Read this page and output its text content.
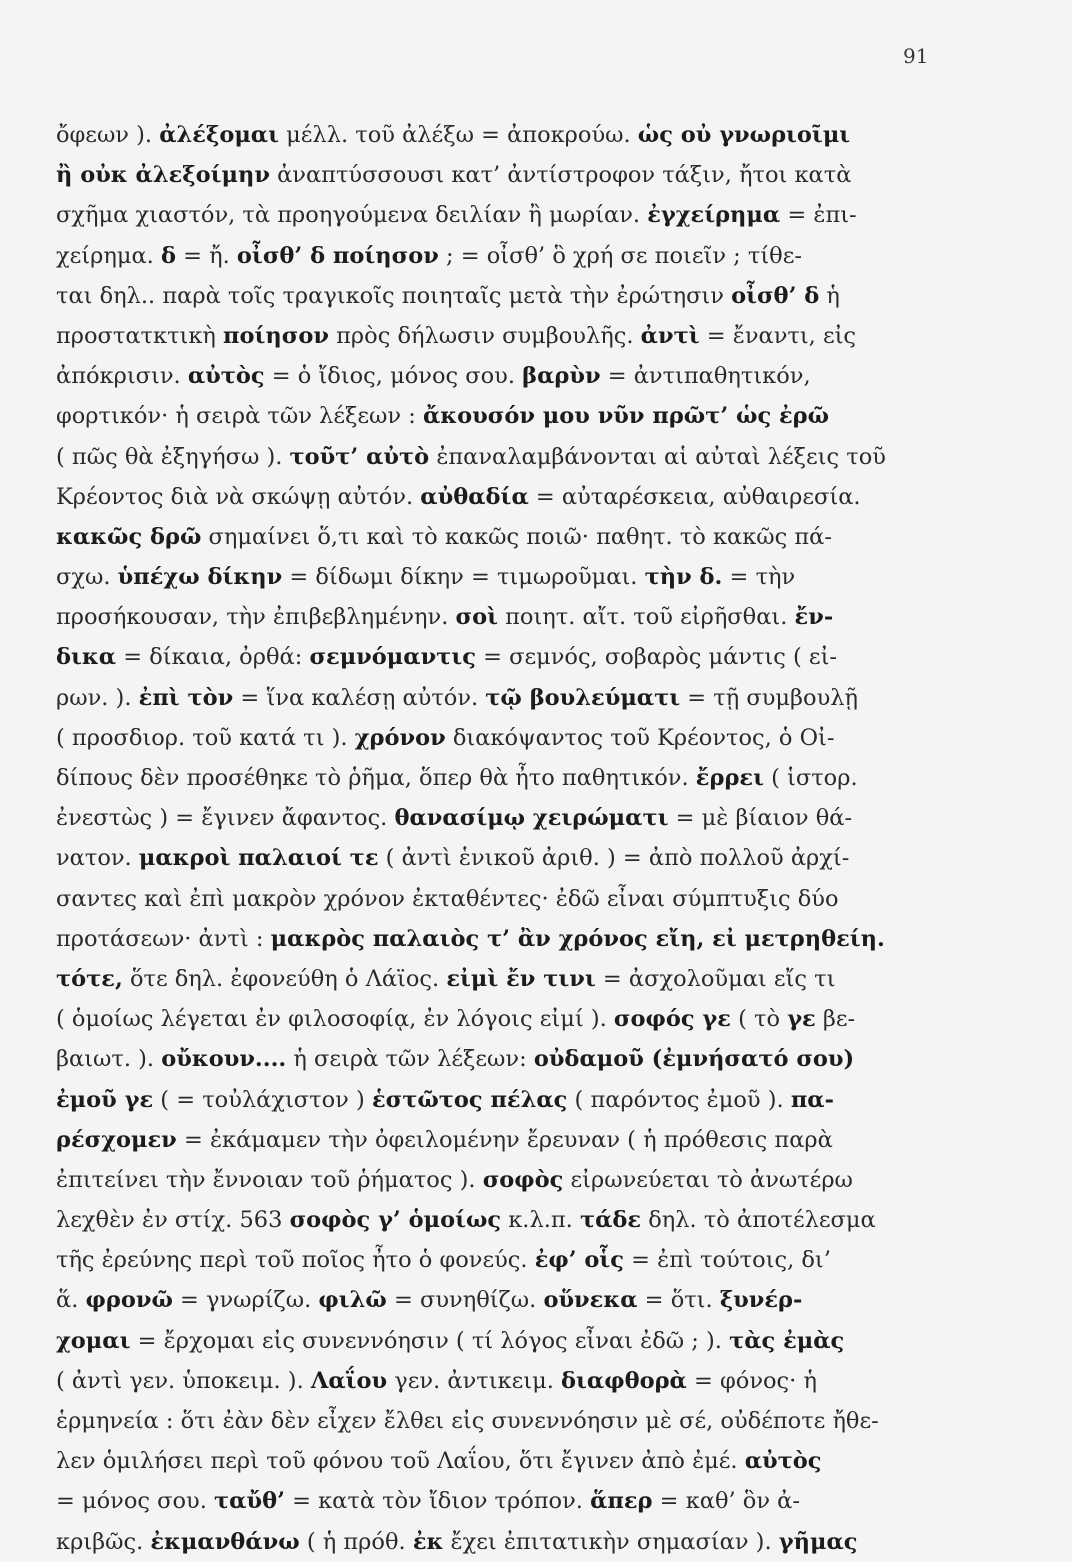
91
ὄφεων ). ἀλέξομαι μέλλ. τοῦ ἀλέξω = ἀποκρούω. ὡς οὐ γνωριοῖμι
ἢ οὐκ ἀλεξοίμην ἀναπτύσσουσι κατ’ ἀντίστροφον τάξιν, ἤτοι κατὰ
σχῆμα χιαστόν, τὰ προηγούμενα δειλίαν ἢ μωρίαν. ἐγχείρημα = ἐπι-
χείρημα. δ = ἤ. οἶσθ’ δ ποίησον ; = οἶσθ’ ὃ χρή σε ποιεῖν ; τίθε-
ται δηλ.. παρὰ τοῖς τραγικοῖς ποιηταῖς μετὰ τὴν ἐρώτησιν οἶσθ’ δ ἡ
προστατκτικὴ ποίησον πρὸς δήλωσιν συμβουλῆς. ἀντὶ = ἔναντι, εἰς
ἀπόκρισιν. αὐτὸς = ὁ ἴδιος, μόνος σου. βαρὺν = ἀντιπαθητικόν,
φορτικόν· ἡ σειρὰ τῶν λέξεων : ἄκουσόν μου νῦν πρῶτ’ ὡς ἐρῶ
( πῶς θὰ ἐξηγήσω ). τοῦτ’ αὐτὸ ἐπαναλαμβάνονται αἱ αὐταὶ λέξεις τοῦ
Κρέοντος διὰ νὰ σκώψῃ αὐτόν. αὐθαδία = αὐταρέσκεια, αὐθαιρεσία.
κακῶς δρῶ σημαίνει ὅ,τι καὶ τὸ κακῶς ποιῶ· παθητ. τὸ κακῶς πά-
σχω. ὑπέχω δίκην = δίδωμι δίκην = τιμωροῦμαι. τὴν δ. = τὴν
προσήκουσαν, τὴν ἐπιβεβλημένην. σοὶ ποιητ. αἴτ. τοῦ εἰρῆσθαι. ἔν-
δικα = δίκαια, ὀρθά: σεμνόμαντις = σεμνός, σοβαρὸς μάντις ( εἰ-
ρων. ). ἐπὶ τὸν = ἵνα καλέσῃ αὐτόν. τῷ βουλεύματι = τῇ συμβουλῇ
( προσδιορ. τοῦ κατά τι ). χρόνον διακόψαντος τοῦ Κρέοντος, ὁ Οἰ-
δίπους δὲν προσέθηκε τὸ ῥῆμα, ὅπερ θὰ ἦτο παθητικόν. ἔρρει ( ἱστορ.
ἐνεστὼς ) = ἔγινεν ἄφαντος. θανασίμῳ χειρώματι = μὲ βίαιον θά-
νατον. μακροὶ παλαιοί τε ( ἀντὶ ἑνικοῦ ἀριθ. ) = ἀπὸ πολλοῦ ἀρχί-
σαντες καὶ ἐπὶ μακρὸν χρόνον ἐκταθέντες· ἐδῶ εἶναι σύμπτυξις δύο
προτάσεων· ἀντὶ : μακρὸς παλαιὸς τ’ ἂν χρόνος εἴη, εἰ μετρηθείη.
τότε, ὅτε δηλ. ἐφονεύθη ὁ Λάϊος. εἰμὶ ἔν τινι = ἀσχολοῦμαι εἴς τι
( ὁμοίως λέγεται ἐν φιλοσοφίᾳ, ἐν λόγοις εἰμί ). σοφός γε ( τὸ γε βε-
βαιωτ. ). οὔκουν.... ἡ σειρὰ τῶν λέξεων: οὐδαμοῦ (ἐμνήσατό σου)
ἐμοῦ γε ( = τοὐλάχιστον ) ἑστῶτος πέλας ( παρόντος ἐμοῦ ). πα-
ρέσχομεν = ἐκάμαμεν τὴν ὀφειλομένην ἔρευναν ( ἡ πρόθεσις παρὰ
ἐπιτείνει τὴν ἔννοιαν τοῦ ῥήματος ). σοφὸς εἰρωνεύεται τὸ ἀνωτέρω
λεχθὲν ἐν στίχ. 563 σοφὸς γ’ ὁμοίως κ.λ.π. τάδε δηλ. τὸ ἀποτέλεσμα
τῆς ἐρεύνης περὶ τοῦ ποῖος ἦτο ὁ φονεύς. ἐφ’ οἷς = ἐπὶ τούτοις, δι’
ἅ. φρονῶ = γνωρίζω. φιλῶ = συνηθίζω. οὕνεκα = ὅτι. ξυνέρ-
χομαι = ἔρχομαι εἰς συνεννόησιν ( τί λόγος εἶναι ἐδῶ ; ). τὰς ἐμὰς
( ἀντὶ γεν. ὑποκειμ. ). Λαΐου γεν. ἀντικειμ. διαφθορὰ = φόνος· ἡ
ἑρμηνεία : ὅτι ἐὰν δὲν εἶχεν ἔλθει εἰς συνεννόησιν μὲ σέ, οὐδέποτε ἤθε-
λεν ὁμιλήσει περὶ τοῦ φόνου τοῦ Λαΐου, ὅτι ἔγινεν ἀπὸ ἐμέ. αὐτὸς
= μόνος σου. ταὔθ’ = κατὰ τὸν ἴδιον τρόπον. ἅπερ = καθ’ ὃν ἀ-
κριβῶς. ἐκμανθάνω ( ἡ πρόθ. ἐκ ἔχει ἐπιτατικὴν σημασίαν ). γῆμας
